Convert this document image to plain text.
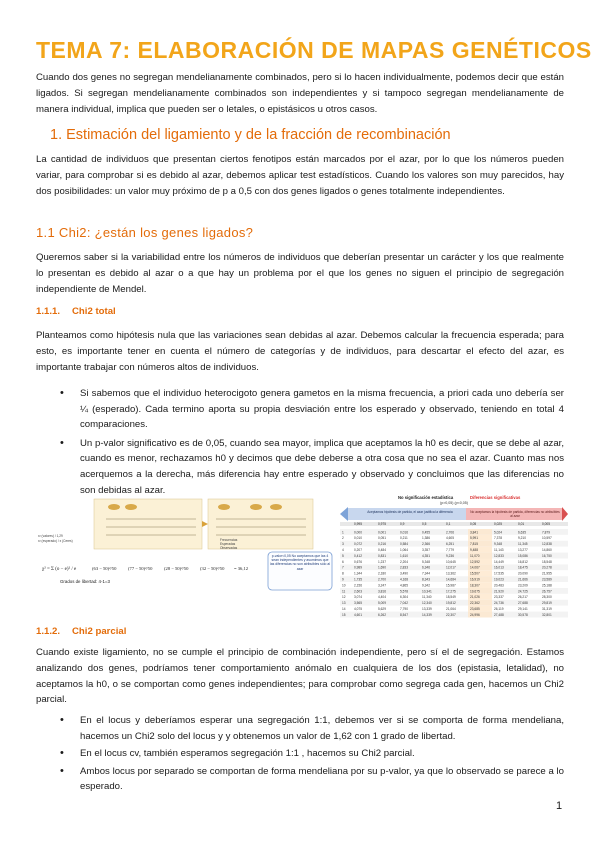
TEMA 7: ELABORACIÓN DE MAPAS GENÉTICOS

Cuando dos genes no segregan mendelianamente combinados, pero si lo hacen individualmente, podemos decir que están ligados. Si segregan mendelianamente combinados son independientes y si tampoco segregan mendelianamente de manera individual, implica que pueden ser o letales, o epistásicos u otros casos.

1. Estimación del ligamiento y de la fracción de recombinación

La cantidad de individuos que presentan ciertos fenotipos están marcados por el azar, por lo que los números pueden variar, para comprobar si es debido al azar, debemos aplicar test estadísticos. Cuando los valores son muy parecidos, hay dos posibilidades: un valor muy próximo de p a 0,5 con dos genes ligados o genes totalmente independientes.

1.1 Chi2: ¿están los genes ligados?

Queremos saber si la variabilidad entre los números de individuos que deberían presentar un carácter y los que realmente lo presentan es debido al azar o a que hay un problema por el que los genes no siguen el principio de segregación independiente de Mendel.

1.1.1. Chi2 total

Planteamos como hipótesis nula que las variaciones sean debidas al azar. Debemos calcular la frecuencia esperada; para esto, es importante tener en cuenta el número de categorías y de individuos, para descartar el efecto del azar, es importante trabajar con números altos de individuos.

• Si sabemos que el individuo heterocigoto genera gametos en la misma frecuencia, a priori cada uno debería ser ¼ (esperado). Cada termino aporta su propia desviación entre los esperado y observado, teniendo en total 4 comparaciones.
• Un p-valor significativo es de 0,05, cuando sea mayor, implica que aceptamos la h0 es decir, que se debe al azar, cuando es menor, rechazamos h0 y decimos que debe deberse a otra cosa que no sea el azar. Cuanto mas nos acerquemos a la derecha, más diferencia hay entre esperado y observado y concluimos que las diferencias no son debidas al azar.
x² (valores) / 1,29
x² (esperado) / x (Ceres)	Frecuencias
Esperadas
Observadas
χ² = Σ (o − e)² / e	(63 − 50)²/50	(77 − 50)²/50	(28 − 50)²/50	(32 − 50)²/50 = 36,12
Grados de libertad: 4-1=3
p-valor<0,05 No aceptamos que las 4 sean independientes y asumimos que las diferencias no son atribuibles sólo al azar
No significación estadística	Diferencias significativas
(p>0,05) (p<0,05)
Aceptamos hipótesis de partida, el azar justifica la diferencia	No aceptamos la hipótesis de partida, diferencias no atribuibles al azar
0,995	0,975	0,9	0,5	0,1	0,05	0,025	0,01	0,005
1	0,000	0,001	0,016	0,455	2,706	3,841	5,024	6,635	7,879
2	0,010	0,051	0,211	1,386	4,605	5,991	7,378	9,210	10,597
3	0,072	0,216	0,584	2,366	6,251	7,815	9,348	11,345	12,838
4	0,207	0,484	1,064	3,357	7,779	9,488	11,143	13,277	14,860
5	0,412	0,831	1,610	4,351	9,236	11,070	12,833	15,086	16,750
6	0,676	1,237	2,204	5,348	10,645	12,592	14,449	16,812	18,548
7	0,989	1,690	2,833	6,346	12,017	14,067	16,013	18,475	20,278
8	1,344	2,180	3,490	7,344	13,362	15,507	17,535	20,090	21,955
9	1,735	2,700	4,168	8,343	14,684	16,919	19,023	21,666	23,589
10	2,156	3,247	4,865	9,342	15,987	18,307	20,483	23,209	25,188
11	2,603	3,816	5,578	10,341	17,275	19,675	21,920	24,725	26,757
12	3,074	4,404	6,304	11,340	18,549	21,026	23,337	26,217	28,300
13	3,565	5,009	7,042	12,340	19,812	22,362	24,736	27,688	29,819
14	4,075	5,629	7,790	13,339	21,064	23,685	26,119	29,141	31,319
15	4,601	6,262	8,547	14,339	22,307	24,996	27,488	30,578	32,801
1.1.2. Chi2 parcial

Cuando existe ligamiento, no se cumple el principio de combinación independiente, pero sí el de segregación. Estamos analizando dos genes, podríamos tener comportamiento anómalo en cualquiera de los dos (epistasia, letalidad), no aceptamos la h0, o se comportan como genes independientes; para comprobar como segrega cada gen, hacemos un Chi2 parcial.

• En el locus y deberíamos esperar una segregación 1:1, debemos ver si se comporta de forma mendeliana, hacemos un Chi2 solo del locus y y obtenemos un valor de 1,62 con 1 grado de libertad.
• En el locus cv, también esperamos segregación 1:1 , hacemos su Chi2 parcial.
• Ambos locus por separado se comportan de forma mendeliana por su p-valor, ya que lo observado se parece a lo esperado.
1
